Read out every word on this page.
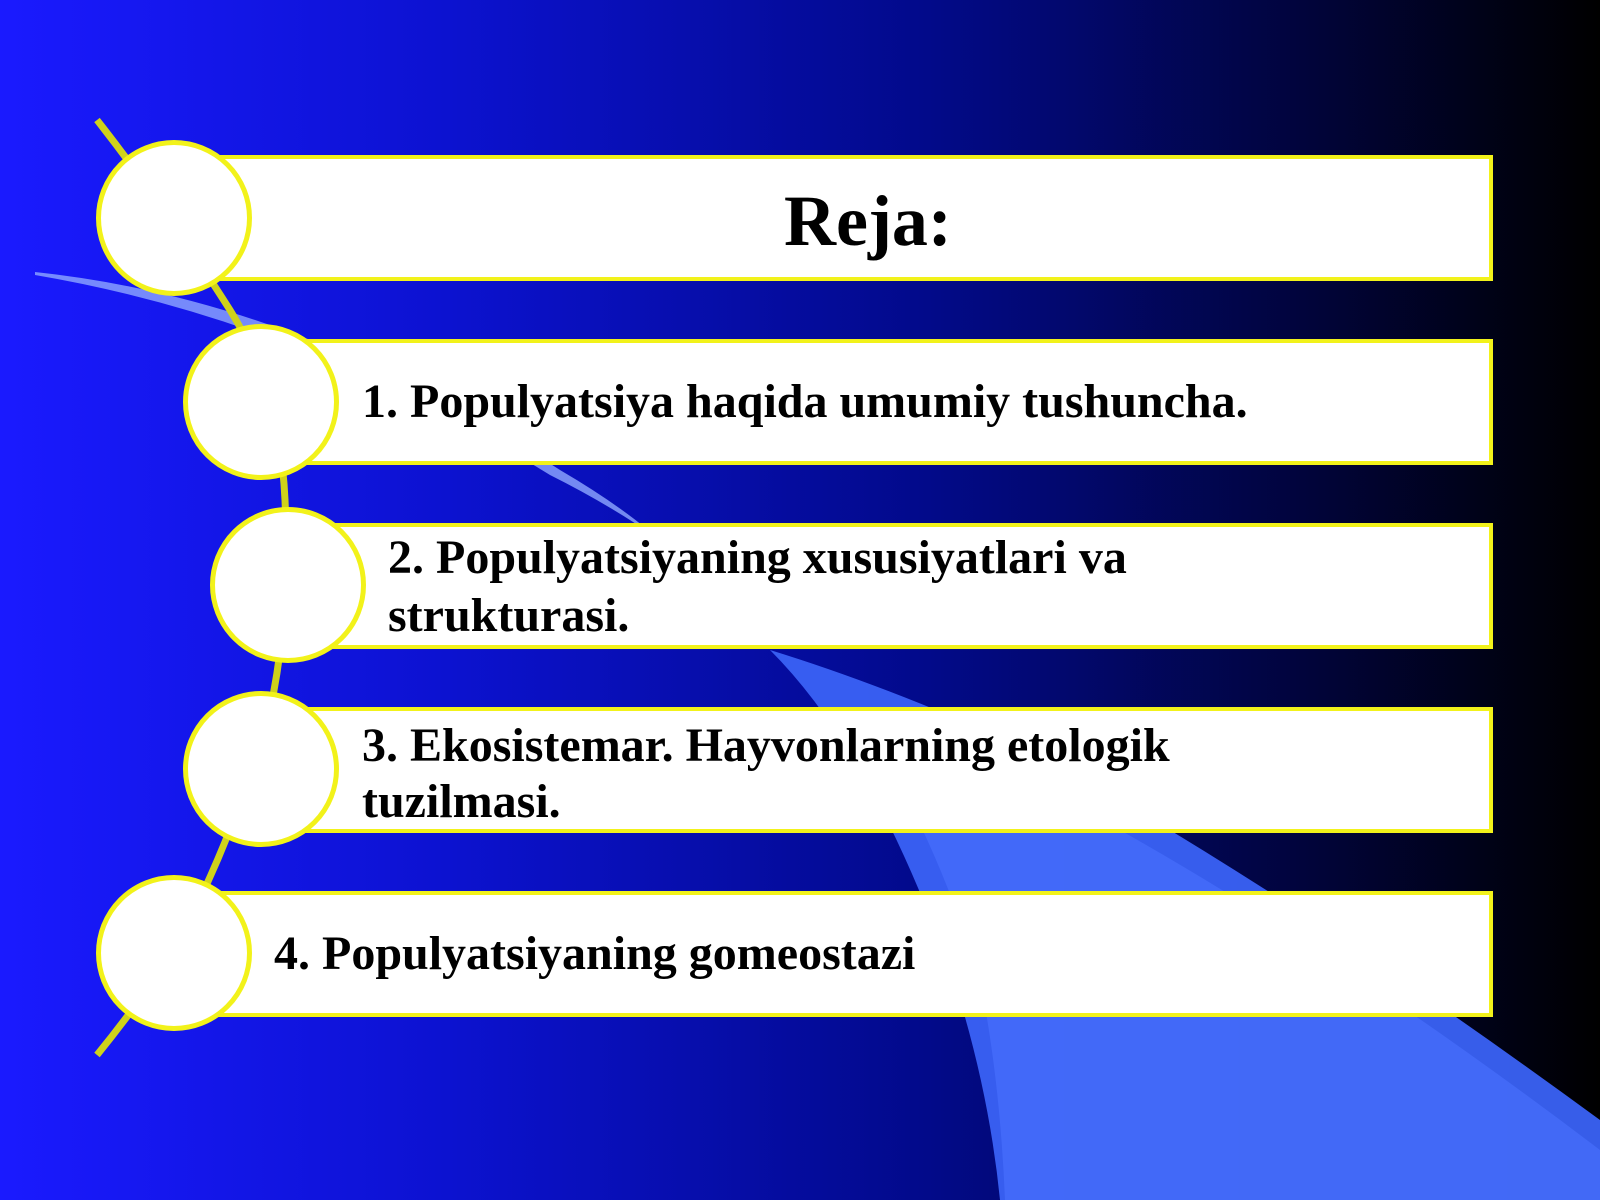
Reja:
1. Populyatsiya haqida umumiy tushuncha.
2. Populyatsiyaning xususiyatlari va
strukturasi.
3. Ekosistemar. Hayvonlarning etologik
tuzilmasi.
4. Populyatsiyaning gomeostazi
